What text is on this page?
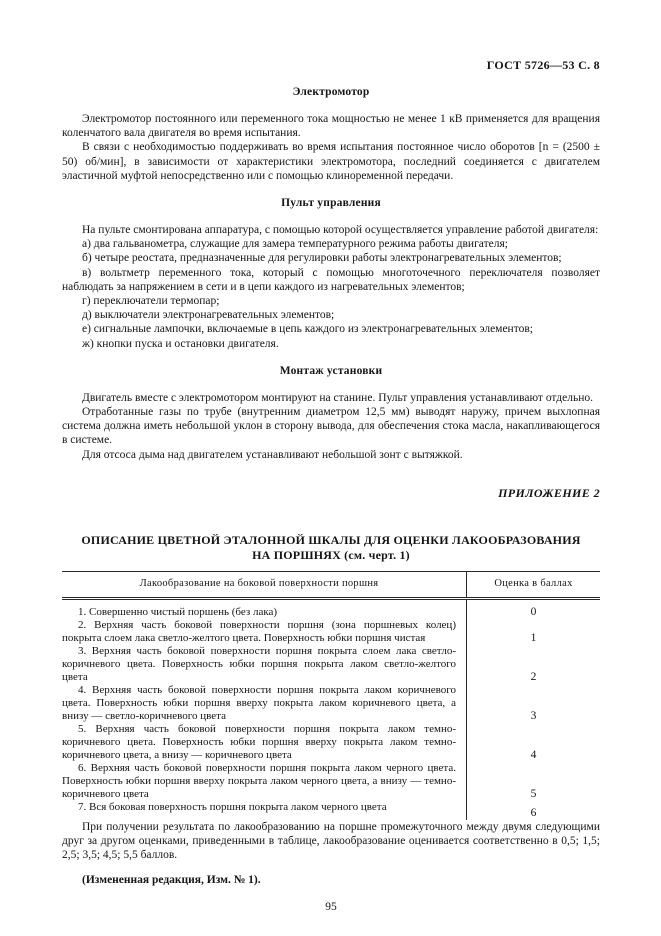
ГОСТ 5726—53 С. 8
Электромотор

Электромотор постоянного или переменного тока мощностью не менее 1 кВ применяется для вращения коленчатого вала двигателя во время испытания.

В связи с необходимостью поддерживать во время испытания постоянное число оборотов [n = (2500 ± 50) об/мин], в зависимости от характеристики электромотора, последний соединяется с двигателем эластичной муфтой непосредственно или с помощью клиноременной передачи.

Пульт управления

На пульте смонтирована аппаратура, с помощью которой осуществляется управление работой двигателя:

а) два гальванометра, служащие для замера температурного режима работы двигателя;

б) четыре реостата, предназначенные для регулировки работы электронагревательных элементов;

в) вольтметр переменного тока, который с помощью многоточечного переключателя позволяет наблюдать за напряжением в сети и в цепи каждого из нагревательных элементов;

г) переключатели термопар;

д) выключатели электронагревательных элементов;

е) сигнальные лампочки, включаемые в цепь каждого из электронагревательных элементов;

ж) кнопки пуска и остановки двигателя.

Монтаж установки

Двигатель вместе с электромотором монтируют на станине. Пульт управления устанавливают отдельно.

Отработанные газы по трубе (внутренним диаметром 12,5 мм) выводят наружу, причем выхлопная система должна иметь небольшой уклон в сторону вывода, для обеспечения стока масла, накапливающегося в системе.

Для отсоса дыма над двигателем устанавливают небольшой зонт с вытяжкой.

ПРИЛОЖЕНИЕ 2
ОПИСАНИЕ ЦВЕТНОЙ ЭТАЛОННОЙ ШКАЛЫ ДЛЯ ОЦЕНКИ ЛАКООБРАЗОВАНИЯ
НА ПОРШНЯХ (см. черт. 1)
Лакообразование на боковой поверхности поршня	Оценка в баллах

1. Совершенно чистый поршень (без лака)	0

2. Верхняя часть боковой поверхности поршня (зона поршневых колец) покрыта слоем лака светло-желтого цвета. Поверхность юбки поршня чистая	1

3. Верхняя часть боковой поверхности поршня покрыта слоем лака светло-коричневого цвета. Поверхность юбки поршня покрыта лаком светло-желтого цвета	2

4. Верхняя часть боковой поверхности поршня покрыта лаком коричневого цвета. Поверхность юбки поршня вверху покрыта лаком коричневого цвета, а внизу — светло-коричневого цвета	3

5. Верхняя часть боковой поверхности поршня покрыта лаком темно-коричневого цвета. Поверхность юбки поршня вверху покрыта лаком темно-коричневого цвета, а внизу — коричневого цвета	4

6. Верхняя часть боковой поверхности поршня покрыта лаком черного цвета. Поверхность юбки поршня вверху покрыта лаком черного цвета, а внизу — темно-коричневого цвета	5

7. Вся боковая поверхность поршня покрыта лаком черного цвета	6

При получении результата по лакообразованию на поршне промежуточного между двумя следующими друг за другом оценками, приведенными в таблице, лакообразование оценивается соответственно в 0,5; 1,5; 2,5; 3,5; 4,5; 5,5 баллов.

(Измененная редакция, Изм. № 1).

95
